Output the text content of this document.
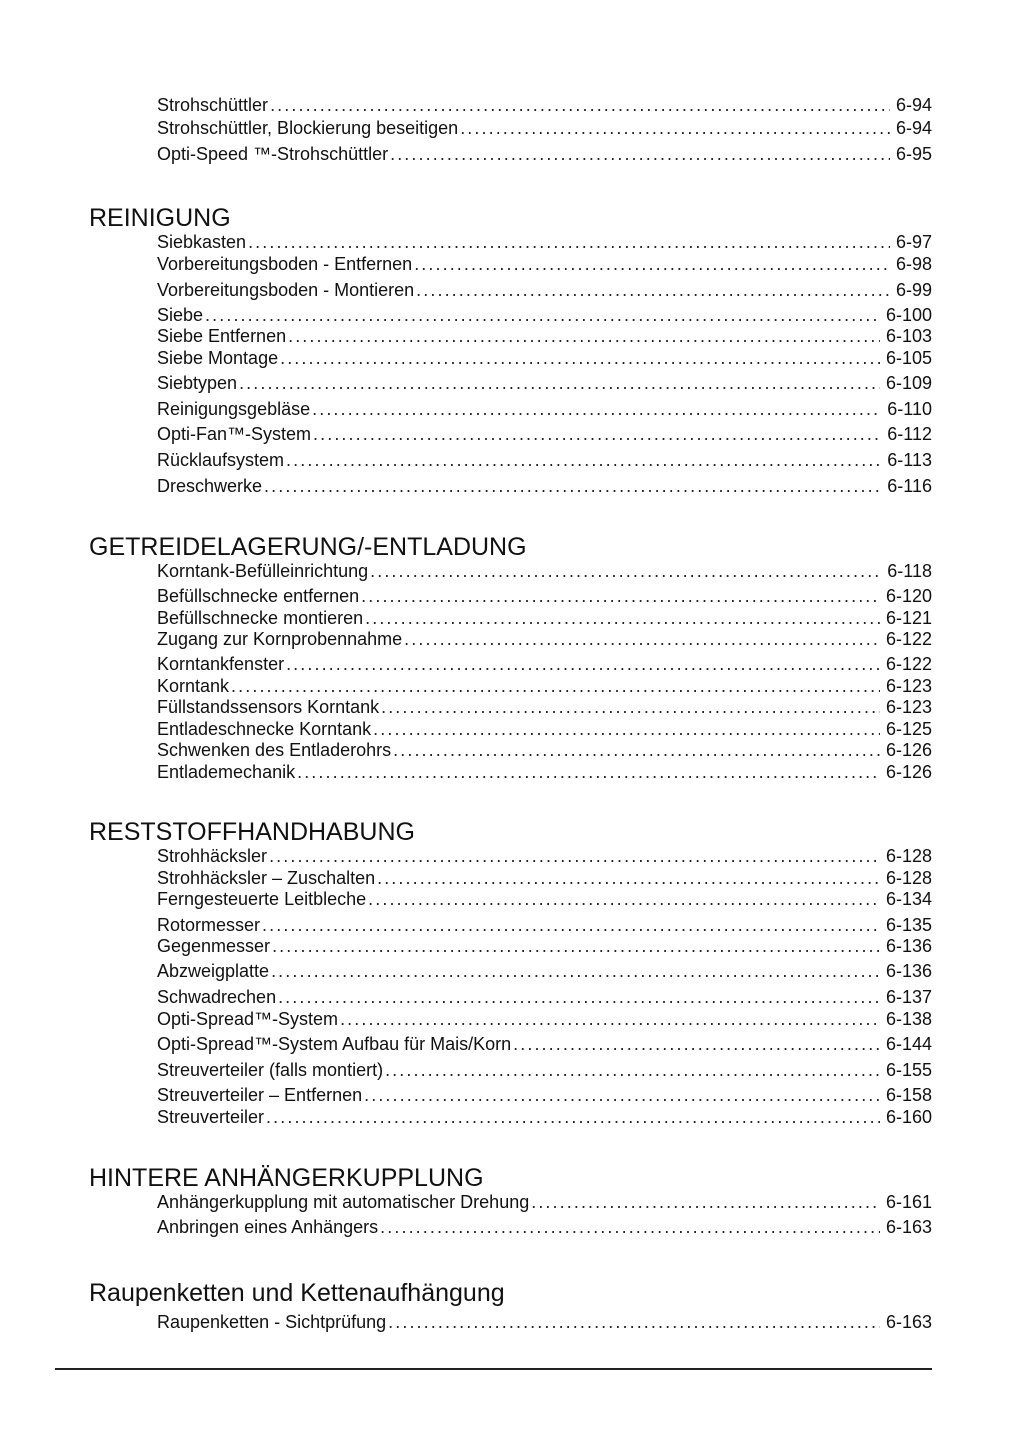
Strohschüttler .....	6-94
Strohschüttler, Blockierung beseitigen .....	6-94
Opti-Speed ™-Strohschüttler .....	6-95
REINIGUNG
Siebkasten .....	6-97
Vorbereitungsboden - Entfernen .....	6-98
Vorbereitungsboden - Montieren .....	6-99
Siebe .....	6-100
Siebe Entfernen .....	6-103
Siebe Montage .....	6-105
Siebtypen .....	6-109
Reinigungsgebläse .....	6-110
Opti-Fan™-System .....	6-112
Rücklaufsystem .....	6-113
Dreschwerke .....	6-116
GETREIDELAGERUNG/-ENTLADUNG
Korntank-Befülleinrichtung .....	6-118
Befüllschnecke entfernen .....	6-120
Befüllschnecke montieren .....	6-121
Zugang zur Kornprobennahme .....	6-122
Korntankfenster .....	6-122
Korntank .....	6-123
Füllstandssensors Korntank .....	6-123
Entladeschnecke Korntank .....	6-125
Schwenken des Entladerohrs .....	6-126
Entlademechanik .....	6-126
RESTSTOFFHANDHABUNG
Strohhäcksler .....	6-128
Strohhäcksler – Zuschalten .....	6-128
Ferngesteuerte Leitbleche .....	6-134
Rotormesser .....	6-135
Gegenmesser .....	6-136
Abzweigplatte .....	6-136
Schwadrechen .....	6-137
Opti-Spread™-System .....	6-138
Opti-Spread™-System Aufbau für Mais/Korn .....	6-144
Streuverteiler (falls montiert) .....	6-155
Streuverteiler – Entfernen .....	6-158
Streuverteiler .....	6-160
HINTERE ANHÄNGERKUPPLUNG
Anhängerkupplung mit automatischer Drehung .....	6-161
Anbringen eines Anhängers .....	6-163
Raupenketten und Kettenaufhängung
Raupenketten - Sichtprüfung .....	6-163
